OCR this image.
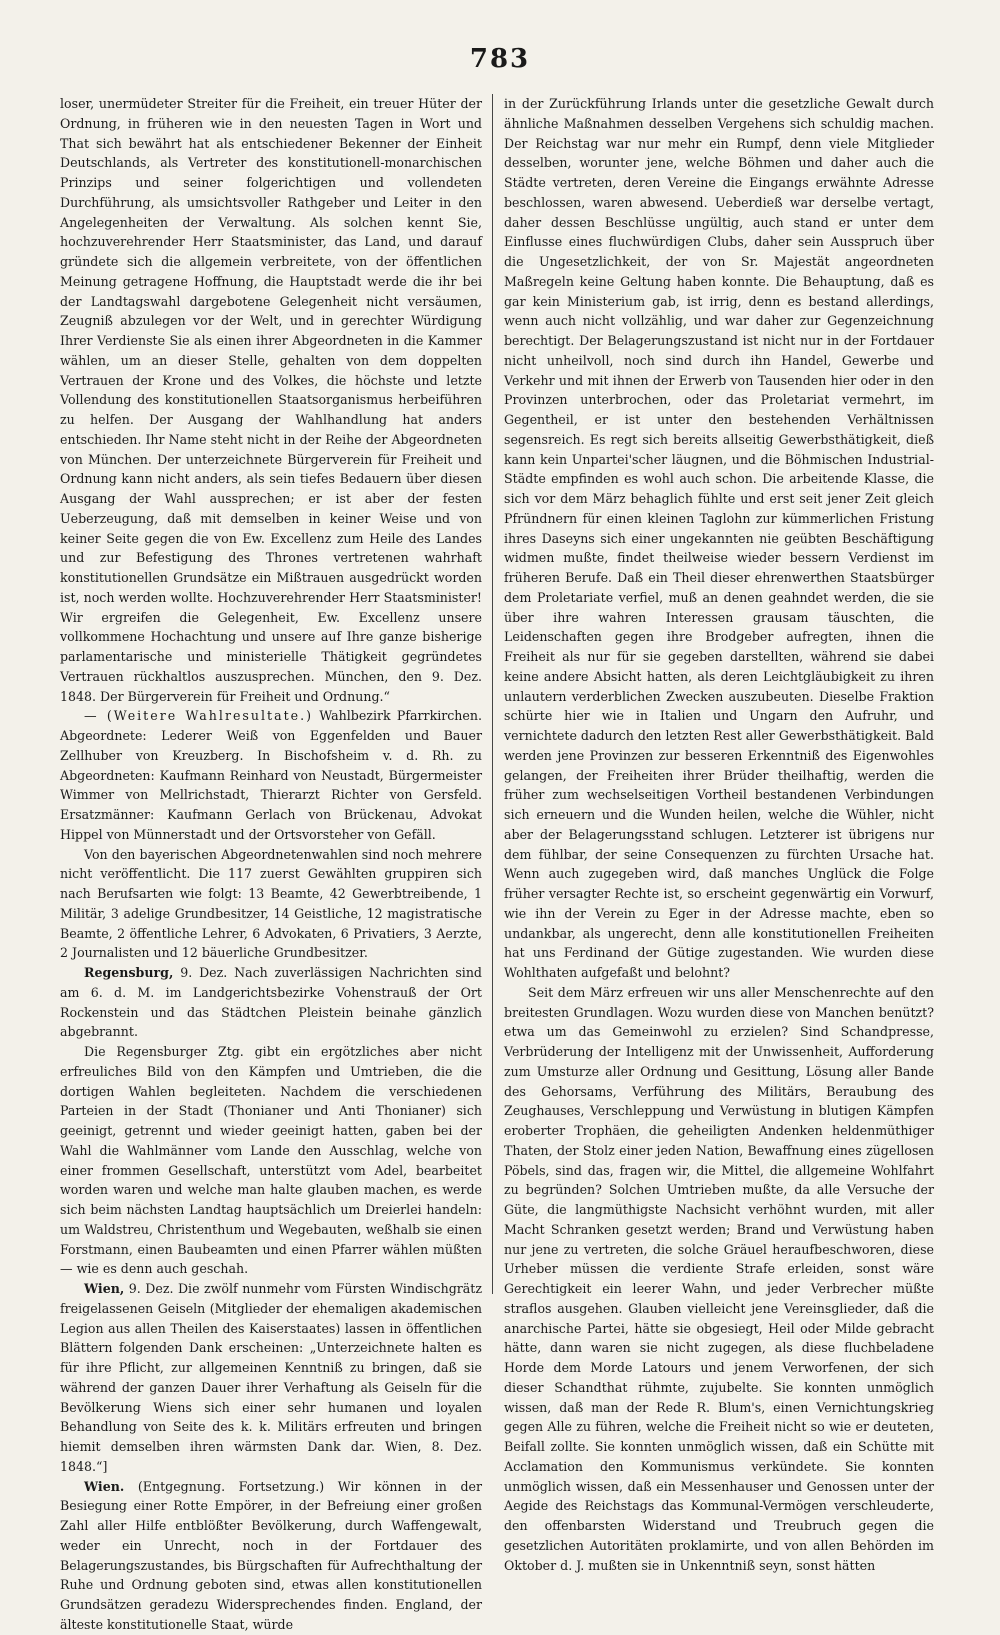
783

loser, unermüdeter Streiter für die Freiheit, ein treuer Hüter der Ordnung, in früheren wie in den neuesten Tagen in Wort und That sich bewährt hat als entschiedener Bekenner der Einheit Deutschlands, als Vertreter des konstitutionell-monarchischen Prinzips und seiner folgerichtigen und vollendeten Durchführung, als umsichtsvoller Rathgeber und Leiter in den Angelegenheiten der Verwaltung. Als solchen kennt Sie, hochzuverehrender Herr Staatsminister, das Land, und darauf gründete sich die allgemein verbreitete, von der öffentlichen Meinung getragene Hoffnung, die Hauptstadt werde die ihr bei der Landtagswahl dargebotene Gelegenheit nicht versäumen, Zeugniß abzulegen vor der Welt, und in gerechter Würdigung Ihrer Verdienste Sie als einen ihrer Abgeordneten in die Kammer wählen, um an dieser Stelle, gehalten von dem doppelten Vertrauen der Krone und des Volkes, die höchste und letzte Vollendung des konstitutionellen Staatsorganismus herbeiführen zu helfen. Der Ausgang der Wahlhandlung hat anders entschieden. Ihr Name steht nicht in der Reihe der Abgeordneten von München. Der unterzeichnete Bürgerverein für Freiheit und Ordnung kann nicht anders, als sein tiefes Bedauern über diesen Ausgang der Wahl aussprechen; er ist aber der festen Ueberzeugung, daß mit demselben in keiner Weise und von keiner Seite gegen die von Ew. Excellenz zum Heile des Landes und zur Befestigung des Thrones vertretenen wahrhaft konstitutionellen Grundsätze ein Mißtrauen ausgedrückt worden ist, noch werden wollte. Hochzuverehrender Herr Staatsminister! Wir ergreifen die Gelegenheit, Ew. Excellenz unsere vollkommene Hochachtung und unsere auf Ihre ganze bisherige parlamentarische und ministerielle Thätigkeit gegründetes Vertrauen rückhaltlos auszusprechen. München, den 9. Dez. 1848. Der Bürgerverein für Freiheit und Ordnung.“

— (Weitere Wahlresultate.) Wahlbezirk Pfarrkirchen. Abgeordnete: Lederer Weiß von Eggenfelden und Bauer Zellhuber von Kreuzberg. In Bischofsheim v. d. Rh. zu Abgeordneten: Kaufmann Reinhard von Neustadt, Bürgermeister Wimmer von Mellrichstadt, Thierarzt Richter von Gersfeld. Ersatzmänner: Kaufmann Gerlach von Brückenau, Advokat Hippel von Münnerstadt und der Ortsvorsteher von Gefäll.

Von den bayerischen Abgeordnetenwahlen sind noch mehrere nicht veröffentlicht. Die 117 zuerst Gewählten gruppiren sich nach Berufsarten wie folgt: 13 Beamte, 42 Gewerbtreibende, 1 Militär, 3 adelige Grundbesitzer, 14 Geistliche, 12 magistratische Beamte, 2 öffentliche Lehrer, 6 Advokaten, 6 Privatiers, 3 Aerzte, 2 Journalisten und 12 bäuerliche Grundbesitzer.

Regensburg, 9. Dez. Nach zuverlässigen Nachrichten sind am 6. d. M. im Landgerichtsbezirke Vohenstrauß der Ort Rockenstein und das Städtchen Pleistein beinahe gänzlich abgebrannt.

Die Regensburger Ztg. gibt ein ergötzliches aber nicht erfreuliches Bild von den Kämpfen und Umtrieben, die die dortigen Wahlen begleiteten. Nachdem die verschiedenen Parteien in der Stadt (Thonianer und Anti Thonianer) sich geeinigt, getrennt und wieder geeinigt hatten, gaben bei der Wahl die Wahlmänner vom Lande den Ausschlag, welche von einer frommen Gesellschaft, unterstützt vom Adel, bearbeitet worden waren und welche man halte glauben machen, es werde sich beim nächsten Landtag hauptsächlich um Dreierlei handeln: um Waldstreu, Christenthum und Wegebauten, weßhalb sie einen Forstmann, einen Baubeamten und einen Pfarrer wählen müßten — wie es denn auch geschah.

Wien, 9. Dez. Die zwölf nunmehr vom Fürsten Windischgrätz freigelassenen Geiseln (Mitglieder der ehemaligen akademischen Legion aus allen Theilen des Kaiserstaates) lassen in öffentlichen Blättern folgenden Dank erscheinen: „Unterzeichnete halten es für ihre Pflicht, zur allgemeinen Kenntniß zu bringen, daß sie während der ganzen Dauer ihrer Verhaftung als Geiseln für die Bevölkerung Wiens sich einer sehr humanen und loyalen Behandlung von Seite des k. k. Militärs erfreuten und bringen hiemit demselben ihren wärmsten Dank dar. Wien, 8. Dez. 1848.“]

Wien. (Entgegnung. Fortsetzung.) Wir können in der Besiegung einer Rotte Empörer, in der Befreiung einer großen Zahl aller Hilfe entblößter Bevölkerung, durch Waffengewalt, weder ein Unrecht, noch in der Fortdauer des Belagerungszustandes, bis Bürgschaften für Aufrechthaltung der Ruhe und Ordnung geboten sind, etwas allen konstitutionellen Grundsätzen geradezu Widersprechendes finden. England, der älteste konstitutionelle Staat, würde

in der Zurückführung Irlands unter die gesetzliche Gewalt durch ähnliche Maßnahmen desselben Vergehens sich schuldig machen. Der Reichstag war nur mehr ein Rumpf, denn viele Mitglieder desselben, worunter jene, welche Böhmen und daher auch die Städte vertreten, deren Vereine die Eingangs erwähnte Adresse beschlossen, waren abwesend. Ueberdieß war derselbe vertagt, daher dessen Beschlüsse ungültig, auch stand er unter dem Einflusse eines fluchwürdigen Clubs, daher sein Ausspruch über die Ungesetzlichkeit, der von Sr. Majestät angeordneten Maßregeln keine Geltung haben konnte. Die Behauptung, daß es gar kein Ministerium gab, ist irrig, denn es bestand allerdings, wenn auch nicht vollzählig, und war daher zur Gegenzeichnung berechtigt. Der Belagerungszustand ist nicht nur in der Fortdauer nicht unheilvoll, noch sind durch ihn Handel, Gewerbe und Verkehr und mit ihnen der Erwerb von Tausenden hier oder in den Provinzen unterbrochen, oder das Proletariat vermehrt, im Gegentheil, er ist unter den bestehenden Verhältnissen segensreich. Es regt sich bereits allseitig Gewerbsthätigkeit, dieß kann kein Unpartei'scher läugnen, und die Böhmischen Industrial-Städte empfinden es wohl auch schon. Die arbeitende Klasse, die sich vor dem März behaglich fühlte und erst seit jener Zeit gleich Pfründnern für einen kleinen Taglohn zur kümmerlichen Fristung ihres Daseyns sich einer ungekannten nie geübten Beschäftigung widmen mußte, findet theilweise wieder bessern Verdienst im früheren Berufe. Daß ein Theil dieser ehrenwerthen Staatsbürger dem Proletariate verfiel, muß an denen geahndet werden, die sie über ihre wahren Interessen grausam täuschten, die Leidenschaften gegen ihre Brodgeber aufregten, ihnen die Freiheit als nur für sie gegeben darstellten, während sie dabei keine andere Absicht hatten, als deren Leichtgläubigkeit zu ihren unlautern verderblichen Zwecken auszubeuten. Dieselbe Fraktion schürte hier wie in Italien und Ungarn den Aufruhr, und vernichtete dadurch den letzten Rest aller Gewerbsthätigkeit. Bald werden jene Provinzen zur besseren Erkenntniß des Eigenwohles gelangen, der Freiheiten ihrer Brüder theilhaftig, werden die früher zum wechselseitigen Vortheil bestandenen Verbindungen sich erneuern und die Wunden heilen, welche die Wühler, nicht aber der Belagerungsstand schlugen. Letzterer ist übrigens nur dem fühlbar, der seine Consequenzen zu fürchten Ursache hat. Wenn auch zugegeben wird, daß manches Unglück die Folge früher versagter Rechte ist, so erscheint gegenwärtig ein Vorwurf, wie ihn der Verein zu Eger in der Adresse machte, eben so undankbar, als ungerecht, denn alle konstitutionellen Freiheiten hat uns Ferdinand der Gütige zugestanden. Wie wurden diese Wohlthaten aufgefaßt und belohnt?

Seit dem März erfreuen wir uns aller Menschenrechte auf den breitesten Grundlagen. Wozu wurden diese von Manchen benützt? etwa um das Gemeinwohl zu erzielen? Sind Schandpresse, Verbrüderung der Intelligenz mit der Unwissenheit, Aufforderung zum Umsturze aller Ordnung und Gesittung, Lösung aller Bande des Gehorsams, Verführung des Militärs, Beraubung des Zeughauses, Verschleppung und Verwüstung in blutigen Kämpfen eroberter Trophäen, die geheiligten Andenken heldenmüthiger Thaten, der Stolz einer jeden Nation, Bewaffnung eines zügellosen Pöbels, sind das, fragen wir, die Mittel, die allgemeine Wohlfahrt zu begründen? Solchen Umtrieben mußte, da alle Versuche der Güte, die langmüthigste Nachsicht verhöhnt wurden, mit aller Macht Schranken gesetzt werden; Brand und Verwüstung haben nur jene zu vertreten, die solche Gräuel heraufbeschworen, diese Urheber müssen die verdiente Strafe erleiden, sonst wäre Gerechtigkeit ein leerer Wahn, und jeder Verbrecher müßte straflos ausgehen. Glauben vielleicht jene Vereinsglieder, daß die anarchische Partei, hätte sie obgesiegt, Heil oder Milde gebracht hätte, dann waren sie nicht zugegen, als diese fluchbeladene Horde dem Morde Latours und jenem Verworfenen, der sich dieser Schandthat rühmte, zujubelte. Sie konnten unmöglich wissen, daß man der Rede R. Blum's, einen Vernichtungskrieg gegen Alle zu führen, welche die Freiheit nicht so wie er deuteten, Beifall zollte. Sie konnten unmöglich wissen, daß ein Schütte mit Acclamation den Kommunismus verkündete. Sie konnten unmöglich wissen, daß ein Messenhauser und Genossen unter der Aegide des Reichstags das Kommunal-Vermögen verschleuderte, den offenbarsten Widerstand und Treubruch gegen die gesetzlichen Autoritäten proklamirte, und von allen Behörden im Oktober d. J. mußten sie in Unkenntniß seyn, sonst hätten
